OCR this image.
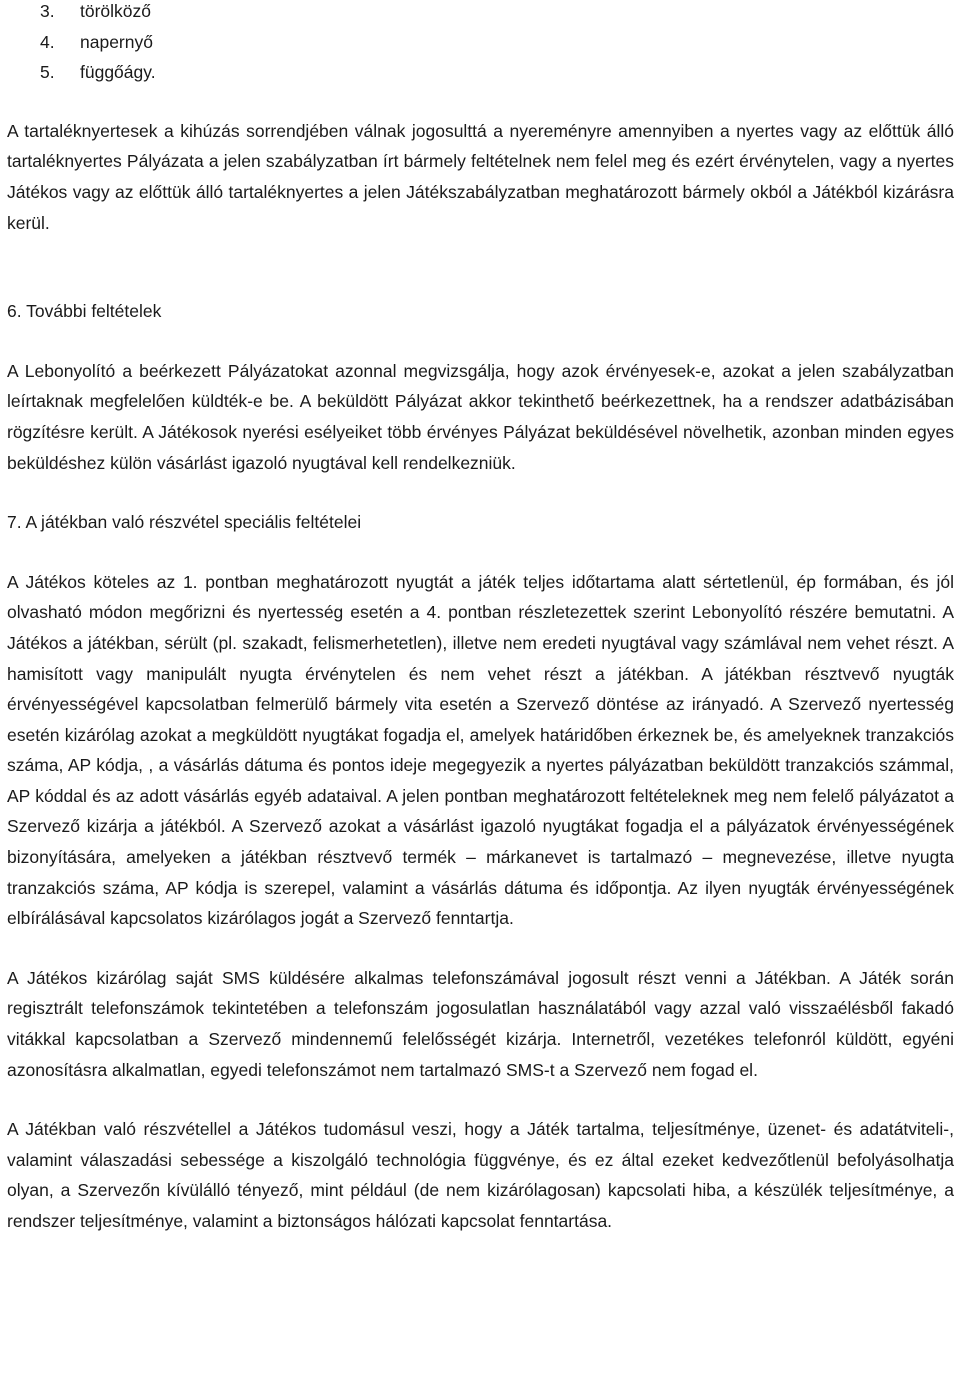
3.	törölköző
4.	napernyő
5.	függőágy.

A tartaléknyertesek a kihúzás sorrendjében válnak jogosulttá a nyereményre amennyiben a nyertes vagy az előttük álló tartaléknyertes Pályázata a jelen szabályzatban írt bármely feltételnek nem felel meg és ezért érvénytelen, vagy a nyertes Játékos vagy az előttük álló tartaléknyertes a jelen Játékszabályzatban meghatározott bármely okból a Játékból kizárásra kerül.

6. További feltételek

A Lebonyolító a beérkezett Pályázatokat azonnal megvizsgálja, hogy azok érvényesek-e, azokat a jelen szabályzatban leírtaknak megfelelően küldték-e be. A beküldött Pályázat akkor tekinthető beérkezettnek, ha a rendszer adatbázisában rögzítésre került. A Játékosok nyerési esélyeiket több érvényes Pályázat beküldésével növelhetik, azonban minden egyes beküldéshez külön vásárlást igazoló nyugtával kell rendelkezniük.

7. A játékban való részvétel speciális feltételei

A Játékos köteles az 1. pontban meghatározott nyugtát a játék teljes időtartama alatt sértetlenül, ép formában, és jól olvasható módon megőrizni és nyertesség esetén a 4. pontban részletezettek szerint Lebonyolító részére bemutatni. A Játékos a játékban, sérült (pl. szakadt, felismerhetetlen), illetve nem eredeti nyugtával vagy számlával nem vehet részt. A hamisított vagy manipulált nyugta érvénytelen és nem vehet részt a játékban. A játékban résztvevő nyugták érvényességével kapcsolatban felmerülő bármely vita esetén a Szervező döntése az irányadó. A Szervező nyertesség esetén kizárólag azokat a megküldött nyugtákat fogadja el, amelyek határidőben érkeznek be, és amelyeknek tranzakciós száma, AP kódja, , a vásárlás dátuma és pontos ideje megegyezik a nyertes pályázatban beküldött tranzakciós számmal, AP kóddal és az adott vásárlás egyéb adataival. A jelen pontban meghatározott feltételeknek meg nem felelő pályázatot a Szervező kizárja a játékból. A Szervező azokat a vásárlást igazoló nyugtákat fogadja el a pályázatok érvényességének bizonyítására, amelyeken a játékban résztvevő termék – márkanevet is tartalmazó – megnevezése, illetve nyugta tranzakciós száma, AP kódja is szerepel, valamint a vásárlás dátuma és időpontja. Az ilyen nyugták érvényességének elbírálásával kapcsolatos kizárólagos jogát a Szervező fenntartja.

A Játékos kizárólag saját SMS küldésére alkalmas telefonszámával jogosult részt venni a Játékban. A Játék során regisztrált telefonszámok tekintetében a telefonszám jogosulatlan használatából vagy azzal való visszaélésből fakadó vitákkal kapcsolatban a Szervező mindennemű felelősségét kizárja. Internetről, vezetékes telefonról küldött, egyéni azonosításra alkalmatlan, egyedi telefonszámot nem tartalmazó SMS-t a Szervező nem fogad el.

A Játékban való részvétellel a Játékos tudomásul veszi, hogy a Játék tartalma, teljesítménye, üzenet- és adatátviteli-, valamint válaszadási sebessége a kiszolgáló technológia függvénye, és ez által ezeket kedvezőtlenül befolyásolhatja olyan, a Szervezőn kívülálló tényező, mint például (de nem kizárólagosan) kapcsolati hiba, a készülék teljesítménye, a rendszer teljesítménye, valamint a biztonságos hálózati kapcsolat fenntartása.
